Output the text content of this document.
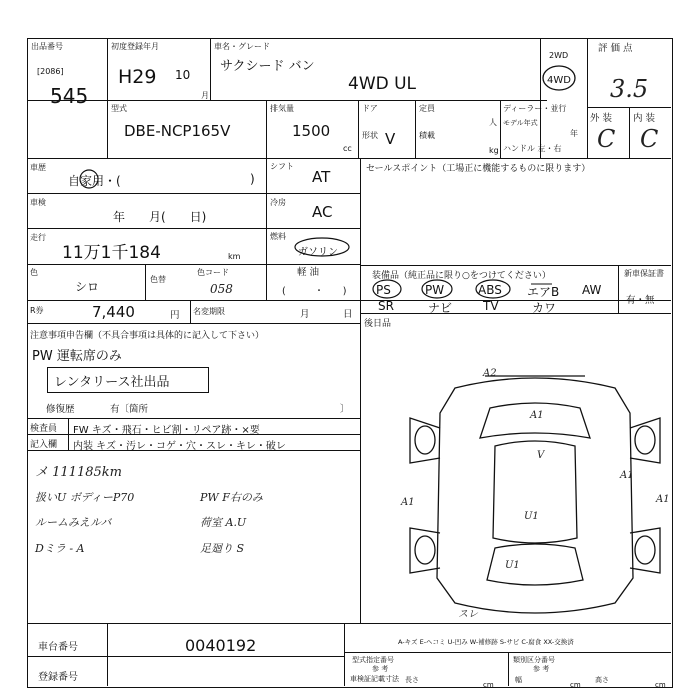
出品番号
[2086]
545
初度登録年月
H29 10
月
車名・グレード
サクシード バン
4WD UL
2WD
4WD
評 価 点
3.5
外 装 内 装
C C
型式
DBE-NCP165V
排気量
1500
cc
ドア
形状 V
定員
人
積載
kg
ディーラー・並行
モデル年式
年
ハンドル 左・右
車歴
自家用・(	)
車検
年　　月(　　日)
走行
11万1千184	km
色
シロ
色替
色コード
058
シフト
AT
冷房
AC
燃料
ガソリン
軽 油
(　　　・　　)
R券	7,440	円 名変期限	月	日
セールスポイント（工場正に機能するものに限ります）
装備品（純正品に限り○をつけてください）	新車保証書
有・無
PS	PW	ABS エアB AW
SR	ナビ	TV	カワ
後日品
注意事項申告欄（不具合事項は具体的に記入して下さい）
PW 運転席のみ
レンタリース社出品
修復歴	有〔箇所	〕
検査員
記入欄
FW キズ・飛石・ヒビ割・リペア跡・×要
内装 キズ・汚レ・コゲ・穴・スレ・キレ・破レ
メ 111185km
扱いU ボディーP70
ルームみえルバ
Dミラ - A
PW F右のみ
荷室 A.U
足廻り S
A2
A1
A1	A1
A1
V
U1
U1
スレ
車台番号	0040192
登録番号
A-キズ E-ヘコミ U-凹み W-補修跡 S-サビ C-腐食 XX-交換済
型式指定番号
参 考
類別区分番号
参 考
車検証記載寸法 長さ
cm
幅
cm
高さ
cm
